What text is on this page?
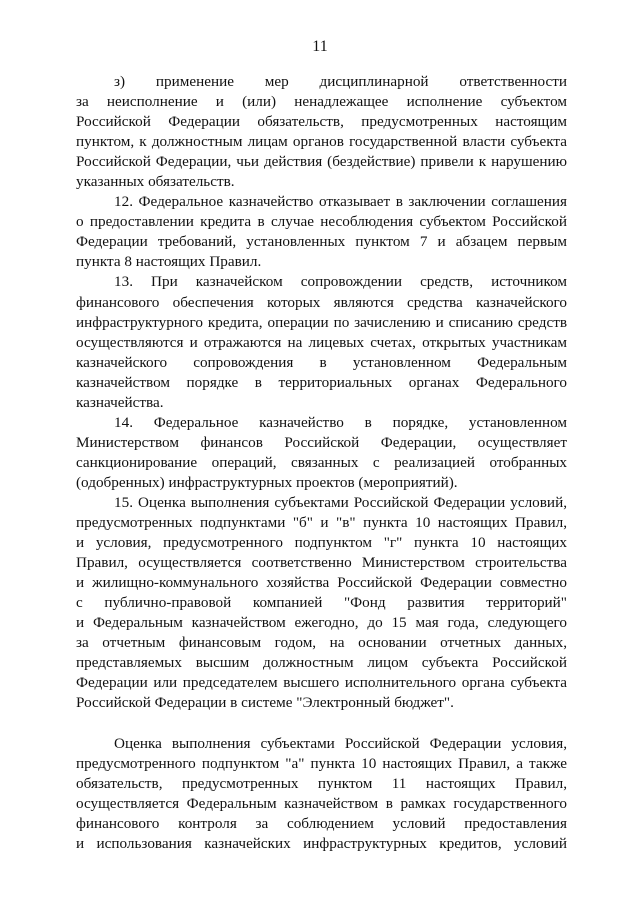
11

з) применение мер дисциплинарной ответственности
за неисполнение и (или) ненадлежащее исполнение субъектом
Российской Федерации обязательств, предусмотренных настоящим
пунктом, к должностным лицам органов государственной власти субъекта
Российской Федерации, чьи действия (бездействие) привели к нарушению
указанных обязательств.

12. Федеральное казначейство отказывает в заключении соглашения
о предоставлении кредита в случае несоблюдения субъектом Российской
Федерации требований, установленных пунктом 7 и абзацем первым
пункта 8 настоящих Правил.

13. При казначейском сопровождении средств, источником
финансового обеспечения которых являются средства казначейского
инфраструктурного кредита, операции по зачислению и списанию средств
осуществляются и отражаются на лицевых счетах, открытых участникам
казначейского сопровождения в установленном Федеральным
казначейством порядке в территориальных органах Федерального
казначейства.

14. Федеральное казначейство в порядке, установленном
Министерством финансов Российской Федерации, осуществляет
санкционирование операций, связанных с реализацией отобранных
(одобренных) инфраструктурных проектов (мероприятий).

15. Оценка выполнения субъектами Российской Федерации условий,
предусмотренных подпунктами "б" и "в" пункта 10 настоящих Правил,
и условия, предусмотренного подпунктом "г" пункта 10 настоящих
Правил, осуществляется соответственно Министерством строительства
и жилищно-коммунального хозяйства Российской Федерации совместно
с публично-правовой компанией "Фонд развития территорий"
и Федеральным казначейством ежегодно, до 15 мая года, следующего
за отчетным финансовым годом, на основании отчетных данных,
представляемых высшим должностным лицом субъекта Российской
Федерации или председателем высшего исполнительного органа субъекта
Российской Федерации в системе "Электронный бюджет".

Оценка выполнения субъектами Российской Федерации условия,
предусмотренного подпунктом "а" пункта 10 настоящих Правил, а также
обязательств, предусмотренных пунктом 11 настоящих Правил,
осуществляется Федеральным казначейством в рамках государственного
финансового контроля за соблюдением условий предоставления
и использования казначейских инфраструктурных кредитов, условий
